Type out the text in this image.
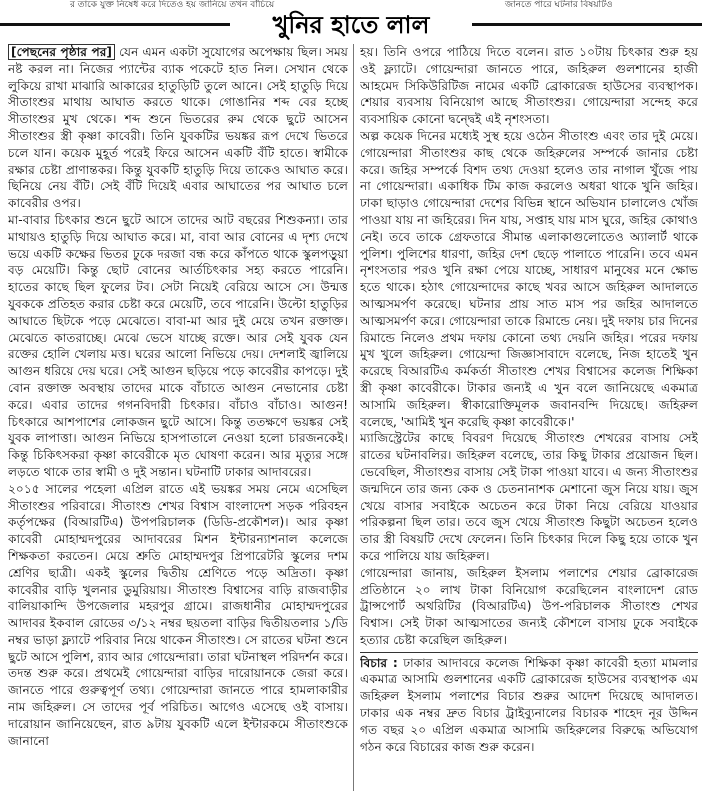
র তাকে যুক্ত নিষেধ করে দিতেও হয় জানিয়ে তখন বাঁচিয়ে	জানতে পারে ঘটনার বিষয়টিও
খুনির হাতে লাল

[পেছনের পৃষ্ঠার পর] যেন এমন একটা সুযোগের অপেক্ষায় ছিল। সময় নষ্ট করল না। নিজের প্যান্টের ব্যাক পকেটে হাত নিল। সেখান থেকে লুকিয়ে রাখা মাঝারি আকারের হাতুড়িটি তুলে আনে। সেই হাতুড়ি দিয়ে সীতাংশুর মাথায় আঘাত করতে থাকে। গোঙানির শব্দ বের হচ্ছে সীতাংশুর মুখ থেকে। শব্দ শুনে ভিতরের রুম থেকে ছুটে আসেন সীতাংশুর স্ত্রী কৃষ্ণা কাবেরী। তিনি যুবকটির ভয়ঙ্কর রূপ দেখে ভিতরে চলে যান। কয়েক মুহূর্ত পরেই ফিরে আসেন একটি বঁটি হাতে। স্বামীকে রক্ষার চেষ্টা প্রাণান্তকর। কিন্তু যুবকটি হাতুড়ি দিয়ে তাকেও আঘাত করে। ছিনিয়ে নেয় বঁটি। সেই বঁটি দিয়েই এবার আঘাতের পর আঘাত চলে কাবেরীর ওপর।

মা-বাবার চিৎকার শুনে ছুটে আসে তাদের আট বছরের শিশুকন্যা। তার মাথায়ও হাতুড়ি দিয়ে আঘাত করে। মা, বাবা আর বোনের এ দৃশ্য দেখে ভয়ে একটি কক্ষের ভিতর ঢুকে দরজা বন্ধ করে কাঁপতে থাকে স্কুলপড়ুয়া বড় মেয়েটি। কিন্তু ছোট বোনের আর্তচিৎকার সহ্য করতে পারেনি। হাতের কাছে ছিল ফুলের টব। সেটা নিয়েই বেরিয়ে আসে সে। উন্মত্ত যুবককে প্রতিহত করার চেষ্টা করে মেয়েটি, তবে পারেনি। উল্টো হাতুড়ির আঘাতে ছিটকে পড়ে মেঝেতে। বাবা-মা আর দুই মেয়ে তখন রক্তাক্ত। মেঝেতে কাতরাচ্ছে। মেঝে ভেসে যাচ্ছে রক্তে। আর সেই যুবক যেন রক্তের হোলি খেলায় মত্ত। ঘরের আলো নিভিয়ে দেয়। দেশলাই জ্বালিয়ে আগুন ধরিয়ে দেয় ঘরে। সেই আগুন ছড়িয়ে পড়ে কাবেরীর কাপড়ে। দুই বোন রক্তাক্ত অবস্থায় তাদের মাকে বাঁচাতে আগুন নেভানোর চেষ্টা করে। এবার তাদের গগনবিদারী চিৎকার। বাঁচাও বাঁচাও। আগুন! চিৎকারে আশপাশের লোকজন ছুটে আসে। কিন্তু ততক্ষণে ভয়ঙ্কর সেই যুবক লাপাত্তা। আগুন নিভিয়ে হাসপাতালে নেওয়া হলো চারজনকেই। কিন্তু চিকিৎসকরা কৃষ্ণা কাবেরীকে মৃত ঘোষণা করেন। আর মৃত্যুর সঙ্গে লড়তে থাকে তার স্বামী ও দুই সন্তান। ঘটনাটি ঢাকার আদাবরের।

২০১৫ সালের পহেলা এপ্রিল রাতে এই ভয়ঙ্কর সময় নেমে এসেছিল সীতাংশুর পরিবারে। সীতাংশু শেখর বিশ্বাস বাংলাদেশ সড়ক পরিবহন কর্তৃপক্ষের (বিআরটিএ) উপপরিচালক (ডিডি-প্রকৌশল)। আর কৃষ্ণা কাবেরী মোহাম্মদপুরের আদাবরের মিশন ইন্টারন্যাশনাল কলেজে শিক্ষকতা করতেন। মেয়ে শ্রুতি মোহাম্মদপুর প্রিপারেটরি স্কুলের দশম শ্রেণির ছাত্রী। একই স্কুলের দ্বিতীয় শ্রেণিতে পড়ে অদ্রিতা। কৃষ্ণা কাবেরীর বাড়ি খুলনার ডুমুরিয়ায়। সীতাংশু বিশ্বাসের বাড়ি রাজবাড়ীর বালিয়াকান্দি উপজেলার মহরপুর গ্রামে। রাজধানীর মোহাম্মদপুরের আদাবর ইকবাল রোডের ৩/১২ নম্বর ছয়তলা বাড়ির দ্বিতীয়তলার ১/ডি নম্বর ভাড়া ফ্ল্যাটে পরিবার নিয়ে থাকেন সীতাংশু। সে রাতের ঘটনা শুনে ছুটে আসে পুলিশ, র‌্যাব আর গোয়েন্দারা। তারা ঘটনাস্থল পরিদর্শন করে। তদন্ত শুরু করে। প্রথমেই গোয়েন্দারা বাড়ির দারোয়ানকে জেরা করে। জানতে পারে গুরুত্বপূর্ণ তথ্য। গোয়েন্দারা জানতে পারে হামলাকারীর নাম জহিরুল। সে তাদের পূর্ব পরিচিত। আগেও এসেছে ওই বাসায়। দারোয়ান জানিয়েছেন, রাত ৯টায় যুবকটি এলে ইন্টারকমে সীতাংশুকে জানানো

হয়। তিনি ওপরে পাঠিয়ে দিতে বলেন। রাত ১০টায় চিৎকার শুরু হয় ওই ফ্ল্যাটে। গোয়েন্দারা জানতে পারে, জহিরুল গুলশানের হাজী আহমেদ সিকিউরিটিজ নামের একটি ব্রোকারেজ হাউসের ব্যবস্থাপক। শেয়ার ব্যবসায় বিনিয়োগ আছে সীতাংশুর। গোয়েন্দারা সন্দেহ করে ব্যবসায়িক কোনো দ্বন্দ্বেই এই নৃশংসতা।

অল্প কয়েক দিনের মধ্যেই সুস্থ হয়ে ওঠেন সীতাংশু এবং তার দুই মেয়ে। গোয়েন্দারা সীতাংশুর কাছ থেকে জহিরুলের সম্পর্কে জানার চেষ্টা করে। জহির সম্পর্কে বিশদ তথ্য দেওয়া হলেও তার নাগাল খুঁজে পায় না গোয়েন্দারা। একাধিক টিম কাজ করলেও অধরা থাকে খুনি জহির। ঢাকা ছাড়াও গোয়েন্দারা দেশের বিভিন্ন স্থানে অভিযান চালালেও খোঁজ পাওয়া যায় না জহিরের। দিন যায়, সপ্তাহ যায় মাস ঘুরে, জহির কোথাও নেই। তবে তাকে গ্রেফতারে সীমান্ত এলাকাগুলোতেও অ্যালার্ট থাকে পুলিশ। পুলিশের ধারণা, জহির দেশ ছেড়ে পালাতে পারেনি। তবে এমন নৃশংসতার পরও খুনি রক্ষা পেয়ে যাচ্ছে, সাধারণ মানুষের মনে ক্ষোভ হতে থাকে। হঠাৎ গোয়েন্দাদের কাছে খবর আসে জহিরুল আদালতে আত্মসমর্পণ করেছে। ঘটনার প্রায় সাত মাস পর জহির আদালতে আত্মসমর্পণ করে। গোয়েন্দারা তাকে রিমান্ডে নেয়। দুই দফায় চার দিনের রিমান্ডে নিলেও প্রথম দফায় কোনো তথ্য দেয়নি জহির। পরের দফায় মুখ খুলে জহিরুল। গোয়েন্দা জিজ্ঞাসাবাদে বলেছে, নিজ হাতেই খুন করেছে বিআরটিএ কর্মকর্তা সীতাংশু শেখর বিশ্বাসের কলেজ শিক্ষিকা স্ত্রী কৃষ্ণা কাবেরীকে। টাকার জন্যই এ খুন বলে জানিয়েছে একমাত্র আসামি জহিরুল। স্বীকারোক্তিমূলক জবানবন্দি দিয়েছে। জহিরুল বলেছে, 'আমিই খুন করেছি কৃষ্ণা কাবেরীকে।'

ম্যাজিস্ট্রেটের কাছে বিবরণ দিয়েছে সীতাংশু শেখরের বাসায় সেই রাতের ঘটনাবলির। জহিরুল বলেছে, তার কিছু টাকার প্রয়োজন ছিল। ভেবেছিল, সীতাংশুর বাসায় সেই টাকা পাওয়া যাবে। এ জন্য সীতাংশুর জন্মদিনে তার জন্য কেক ও চেতনানাশক মেশানো জুস নিয়ে যায়। জুস খেয়ে বাসার সবাইকে অচেতন করে টাকা নিয়ে বেরিয়ে যাওয়ার পরিকল্পনা ছিল তার। তবে জুস খেয়ে সীতাংশু কিছুটা অচেতন হলেও তার স্ত্রী বিষয়টি দেখে ফেলেন। তিনি চিৎকার দিলে কিছু হয়ে তাকে খুন করে পালিয়ে যায় জহিরুল।

গোয়েন্দারা জানায়, জহিরুল ইসলাম পলাশের শেয়ার ব্রোকারেজ প্রতিষ্ঠানে ২০ লাখ টাকা বিনিয়োগ করেছিলেন বাংলাদেশ রোড ট্রান্সপোর্ট অথরিটির (বিআরটিএ) উপ-পরিচালক সীতাংশু শেখর বিশ্বাস। সেই টাকা আত্মসাতের জন্যই কৌশলে বাসায় ঢুকে সবাইকে হত্যার চেষ্টা করেছিল জহিরুল।

বিচার : ঢাকার আদাবরে কলেজ শিক্ষিকা কৃষ্ণা কাবেরী হত্যা মামলার একমাত্র আসামি গুলশানের একটি ব্রোকারেজ হাউসের ব্যবস্থাপক এম জহিরুল ইসলাম পলাশের বিচার শুরুর আদেশ দিয়েছে আদালত। ঢাকার এক নম্বর দ্রুত বিচার ট্রাইব্যুনালের বিচারক শাহেদ নূর উদ্দিন গত বছর ২০ এপ্রিল একমাত্র আসামি জহিরুলের বিরুদ্ধে অভিযোগ গঠন করে বিচারের কাজ শুরু করেন।
